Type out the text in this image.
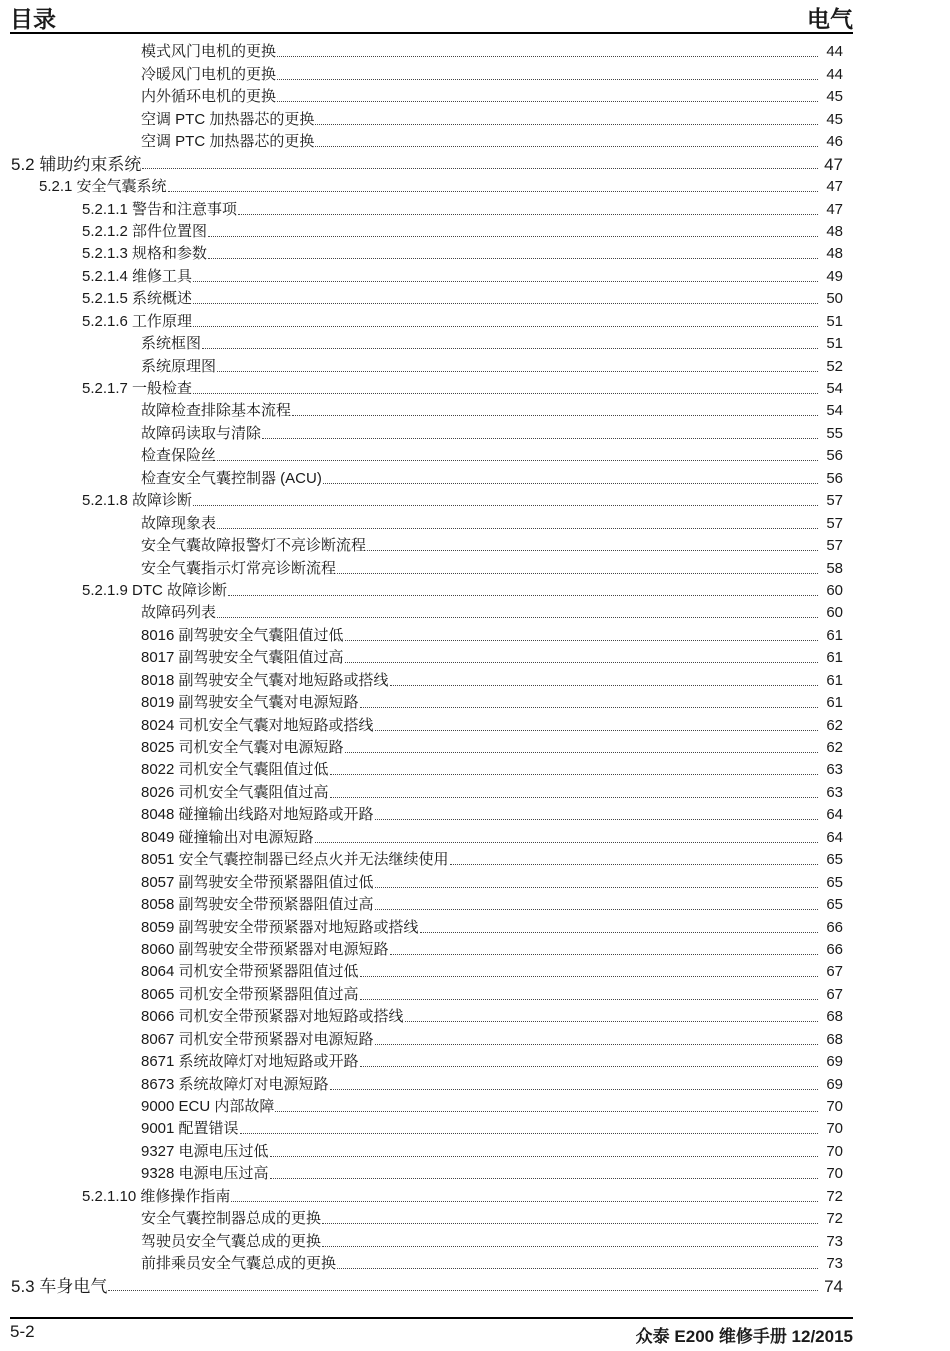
目录	电气
模式风门电机的更换	44
冷暖风门电机的更换	44
内外循环电机的更换	45
空调 PTC 加热器芯的更换	45
空调 PTC 加热器芯的更换	46
5.2 辅助约束系统	47
5.2.1 安全气囊系统	47
5.2.1.1 警告和注意事项	47
5.2.1.2 部件位置图	48
5.2.1.3 规格和参数	48
5.2.1.4 维修工具	49
5.2.1.5 系统概述	50
5.2.1.6 工作原理	51
系统框图	51
系统原理图	52
5.2.1.7 一般检查	54
故障检查排除基本流程	54
故障码读取与清除	55
检查保险丝	56
检查安全气囊控制器 (ACU)	56
5.2.1.8 故障诊断	57
故障现象表	57
安全气囊故障报警灯不亮诊断流程	57
安全气囊指示灯常亮诊断流程	58
5.2.1.9 DTC 故障诊断	60
故障码列表	60
8016 副驾驶安全气囊阻值过低	61
8017 副驾驶安全气囊阻值过高	61
8018 副驾驶安全气囊对地短路或搭线	61
8019 副驾驶安全气囊对电源短路	61
8024 司机安全气囊对地短路或搭线	62
8025 司机安全气囊对电源短路	62
8022 司机安全气囊阻值过低	63
8026 司机安全气囊阻值过高	63
8048 碰撞输出线路对地短路或开路	64
8049 碰撞输出对电源短路	64
8051 安全气囊控制器已经点火并无法继续使用	65
8057 副驾驶安全带预紧器阻值过低	65
8058 副驾驶安全带预紧器阻值过高	65
8059 副驾驶安全带预紧器对地短路或搭线	66
8060 副驾驶安全带预紧器对电源短路	66
8064 司机安全带预紧器阻值过低	67
8065 司机安全带预紧器阻值过高	67
8066 司机安全带预紧器对地短路或搭线	68
8067 司机安全带预紧器对电源短路	68
8671 系统故障灯对地短路或开路	69
8673 系统故障灯对电源短路	69
9000 ECU 内部故障	70
9001 配置错误	70
9327 电源电压过低	70
9328 电源电压过高	70
5.2.1.10 维修操作指南	72
安全气囊控制器总成的更换	72
驾驶员安全气囊总成的更换	73
前排乘员安全气囊总成的更换	73
5.3 车身电气	74
5-2	众泰 E200 维修手册 12/2015
